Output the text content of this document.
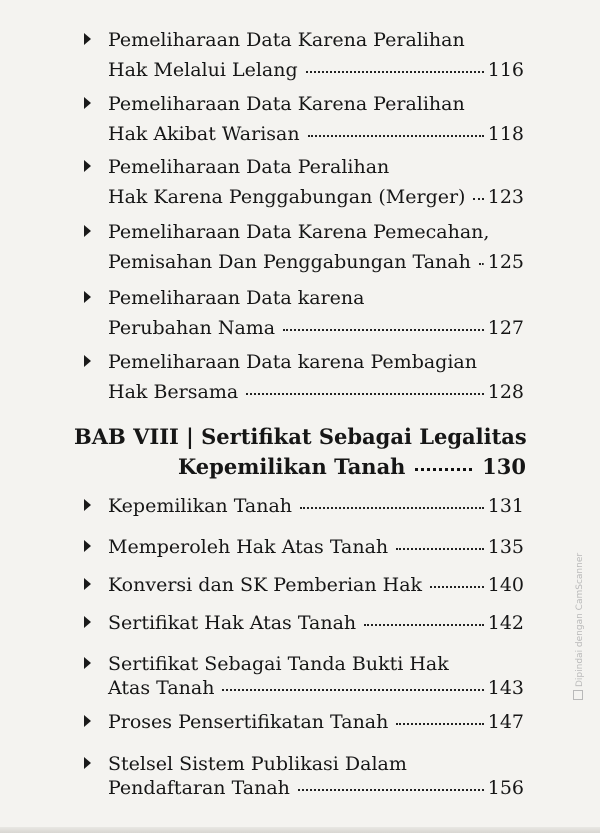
Pemeliharaan Data Karena Peralihan
Hak Melalui Lelang	116
Pemeliharaan Data Karena Peralihan
Hak Akibat Warisan	118
Pemeliharaan Data Peralihan
Hak Karena Penggabungan (Merger) 123
Pemeliharaan Data Karena Pemecahan,
Pemisahan Dan Penggabungan Tanah 125
Pemeliharaan Data karena
Perubahan Nama	127
Pemeliharaan Data karena Pembagian
Hak Bersama	128
BAB VIII | Sertifikat Sebagai Legalitas
Kepemilikan Tanah	130
Kepemilikan Tanah	131
Memperoleh Hak Atas Tanah	135
Konversi dan SK Pemberian Hak	140
Sertifikat Hak Atas Tanah	142
Sertifikat Sebagai Tanda Bukti Hak
Atas Tanah	143
Proses Pensertifikatan Tanah	147
Stelsel Sistem Publikasi Dalam
Pendaftaran Tanah	156
Dipindai dengan CamScanner
